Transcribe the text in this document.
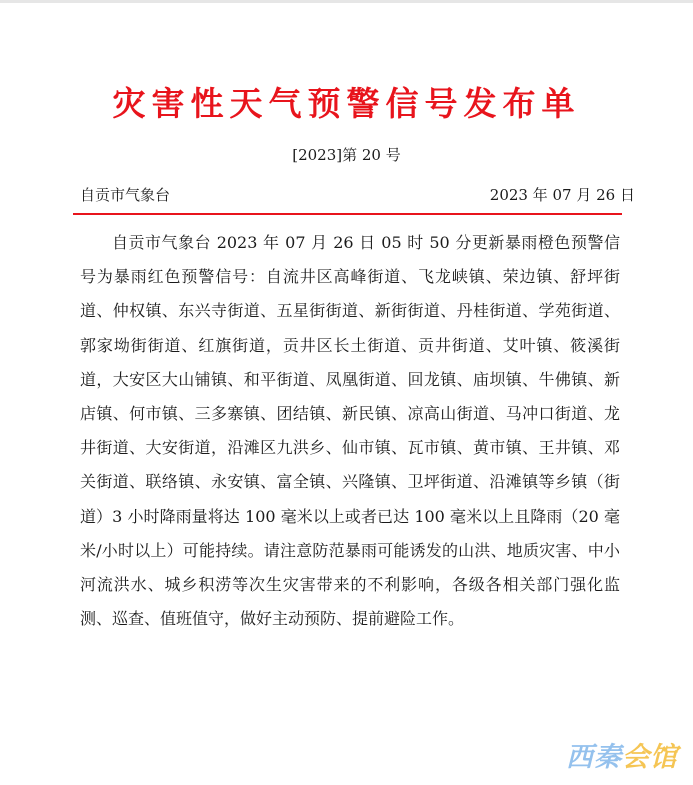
灾害性天气预警信号发布单
[2023]第 20 号
自贡市气象台	2023 年 07 月 26 日

自贡市气象台 2023 年 07 月 26 日 05 时 50 分更新暴雨橙色预警信号为暴雨红色预警信号：自流井区高峰街道、飞龙峡镇、荣边镇、舒坪街道、仲权镇、东兴寺街道、五星街街道、新街街道、丹桂街道、学苑街道、郭家坳街街道、红旗街道，贡井区长土街道、贡井街道、艾叶镇、筱溪街道，大安区大山铺镇、和平街道、凤凰街道、回龙镇、庙坝镇、牛佛镇、新店镇、何市镇、三多寨镇、团结镇、新民镇、凉高山街道、马冲口街道、龙井街道、大安街道，沿滩区九洪乡、仙市镇、瓦市镇、黄市镇、王井镇、邓关街道、联络镇、永安镇、富全镇、兴隆镇、卫坪街道、沿滩镇等乡镇（街道）3 小时降雨量将达 100 毫米以上或者已达 100 毫米以上且降雨（20 毫米/小时以上）可能持续。请注意防范暴雨可能诱发的山洪、地质灾害、中小河流洪水、城乡积涝等次生灾害带来的不利影响，各级各相关部门强化监测、巡查、值班值守，做好主动预防、提前避险工作。

西秦会馆
